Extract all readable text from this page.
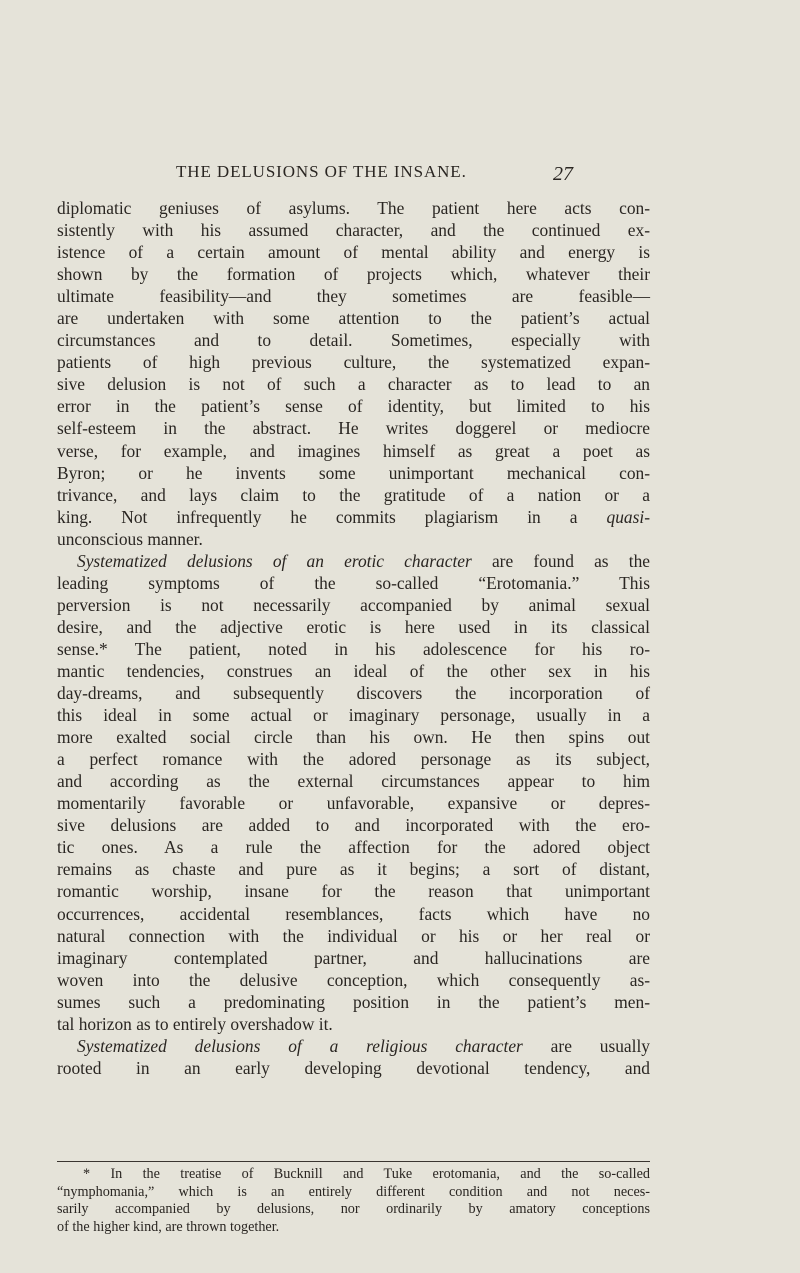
THE DELUSIONS OF THE INSANE.	27
diplomatic geniuses of asylums. The patient here acts con-
sistently with his assumed character, and the continued ex-
istence of a certain amount of mental ability and energy is
shown by the formation of projects which, whatever their
ultimate feasibility—and they sometimes are feasible—
are undertaken with some attention to the patient’s actual
circumstances and to detail. Sometimes, especially with
patients of high previous culture, the systematized expan-
sive delusion is not of such a character as to lead to an
error in the patient’s sense of identity, but limited to his
self-esteem in the abstract. He writes doggerel or mediocre
verse, for example, and imagines himself as great a poet as
Byron; or he invents some unimportant mechanical con-
trivance, and lays claim to the gratitude of a nation or a
king. Not infrequently he commits plagiarism in a quasi-
unconscious manner.
Systematized delusions of an erotic character are found as the
leading symptoms of the so-called “Erotomania.” This
perversion is not necessarily accompanied by animal sexual
desire, and the adjective erotic is here used in its classical
sense.* The patient, noted in his adolescence for his ro-
mantic tendencies, construes an ideal of the other sex in his
day-dreams, and subsequently discovers the incorporation of
this ideal in some actual or imaginary personage, usually in a
more exalted social circle than his own. He then spins out
a perfect romance with the adored personage as its subject,
and according as the external circumstances appear to him
momentarily favorable or unfavorable, expansive or depres-
sive delusions are added to and incorporated with the ero-
tic ones. As a rule the affection for the adored object
remains as chaste and pure as it begins; a sort of distant,
romantic worship, insane for the reason that unimportant
occurrences, accidental resemblances, facts which have no
natural connection with the individual or his or her real or
imaginary contemplated partner, and hallucinations are
woven into the delusive conception, which consequently as-
sumes such a predominating position in the patient’s men-
tal horizon as to entirely overshadow it.
Systematized delusions of a religious character are usually
rooted in an early developing devotional tendency, and
* In the treatise of Bucknill and Tuke erotomania, and the so-called
“nymphomania,” which is an entirely different condition and not neces-
sarily accompanied by delusions, nor ordinarily by amatory conceptions
of the higher kind, are thrown together.
